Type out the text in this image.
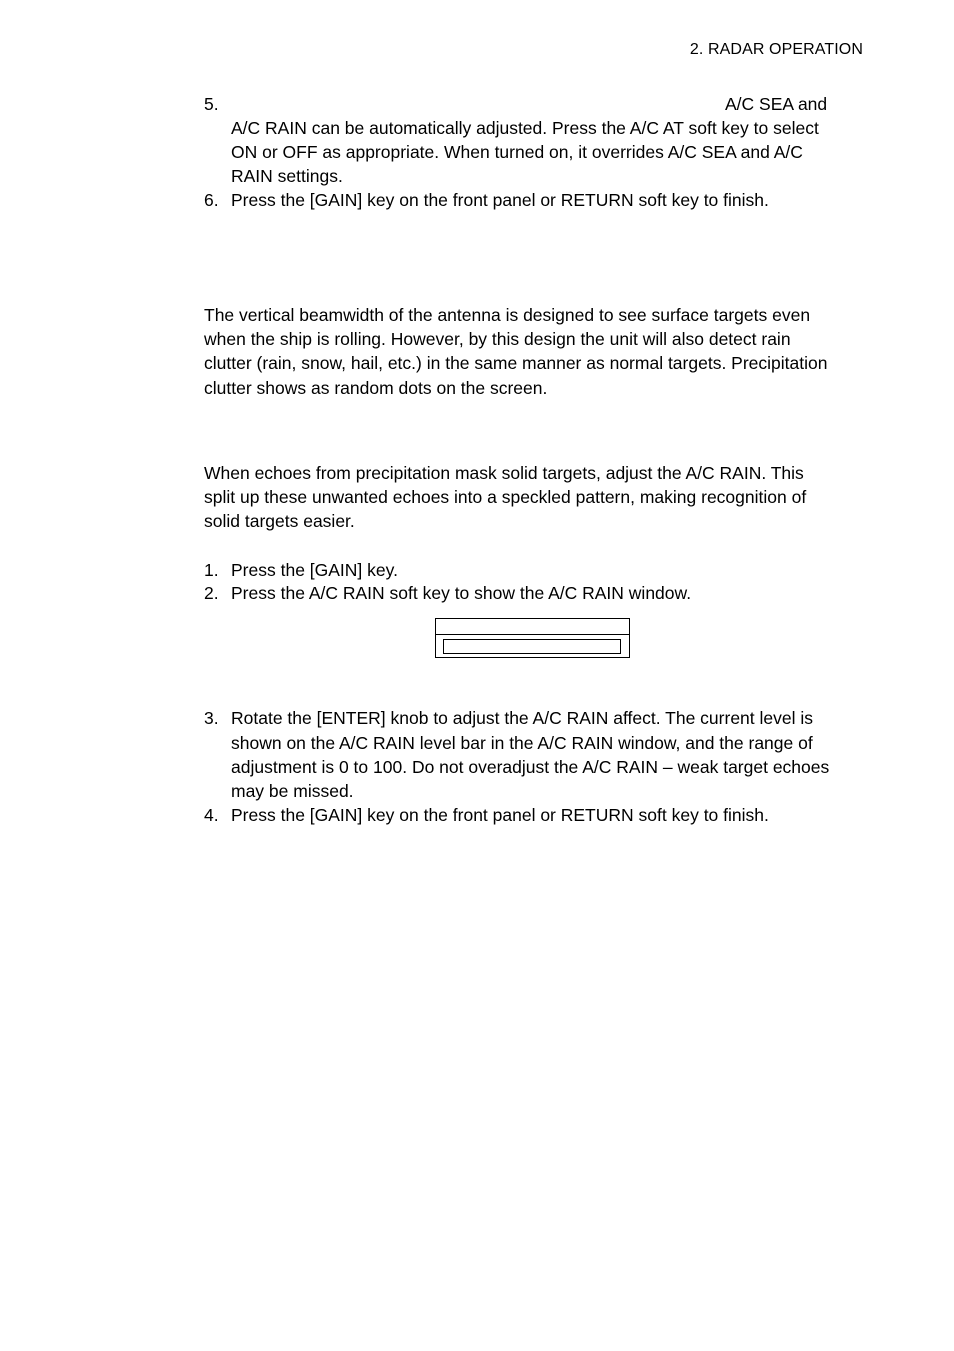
2. RADAR OPERATION
5.	A/C SEA and
A/C RAIN can be automatically adjusted. Press the A/C AT soft key to select
ON or OFF as appropriate. When turned on, it overrides A/C SEA and A/C
RAIN settings.
6. Press the [GAIN] key on the front panel or RETURN soft key to finish.
The vertical beamwidth of the antenna is designed to see surface targets even
when the ship is rolling. However, by this design the unit will also detect rain
clutter (rain, snow, hail, etc.) in the same manner as normal targets. Precipitation
clutter shows as random dots on the screen.
When echoes from precipitation mask solid targets, adjust the A/C RAIN. This
split up these unwanted echoes into a speckled pattern, making recognition of
solid targets easier.
1. Press the [GAIN] key.
2. Press the A/C RAIN soft key to show the A/C RAIN window.
3. Rotate the [ENTER] knob to adjust the A/C RAIN affect. The current level is
shown on the A/C RAIN level bar in the A/C RAIN window, and the range of
adjustment is 0 to 100. Do not overadjust the A/C RAIN – weak target echoes
may be missed.
4. Press the [GAIN] key on the front panel or RETURN soft key to finish.
